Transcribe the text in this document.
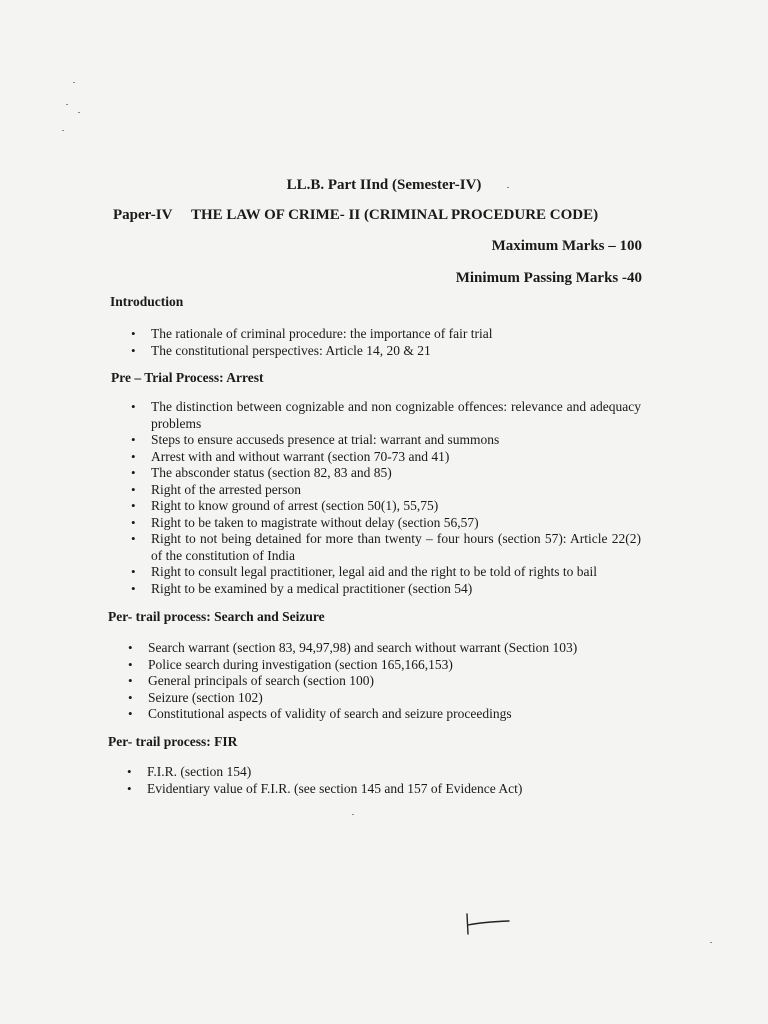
LL.B. Part IInd (Semester-IV)
Paper-IV THE LAW OF CRIME- II (CRIMINAL PROCEDURE CODE)
Maximum Marks – 100
Minimum Passing Marks -40
Introduction
• The rationale of criminal procedure: the importance of fair trial
• The constitutional perspectives: Article 14, 20 & 21
Pre – Trial Process: Arrest
• The distinction between cognizable and non cognizable offences: relevance and adequacy problems
• Steps to ensure accuseds presence at trial: warrant and summons
• Arrest with and without warrant (section 70-73 and 41)
• The absconder status (section 82, 83 and 85)
• Right of the arrested person
• Right to know ground of arrest (section 50(1), 55,75)
• Right to be taken to magistrate without delay (section 56,57)
• Right to not being detained for more than twenty – four hours (section 57): Article 22(2) of the constitution of India
• Right to consult legal practitioner, legal aid and the right to be told of rights to bail
• Right to be examined by a medical practitioner (section 54)
Per- trail process: Search and Seizure
• Search warrant (section 83, 94,97,98) and search without warrant (Section 103)
• Police search during investigation (section 165,166,153)
• General principals of search (section 100)
• Seizure (section 102)
• Constitutional aspects of validity of search and seizure proceedings
Per- trail process: FIR
• F.I.R. (section 154)
• Evidentiary value of F.I.R. (see section 145 and 157 of Evidence Act)
